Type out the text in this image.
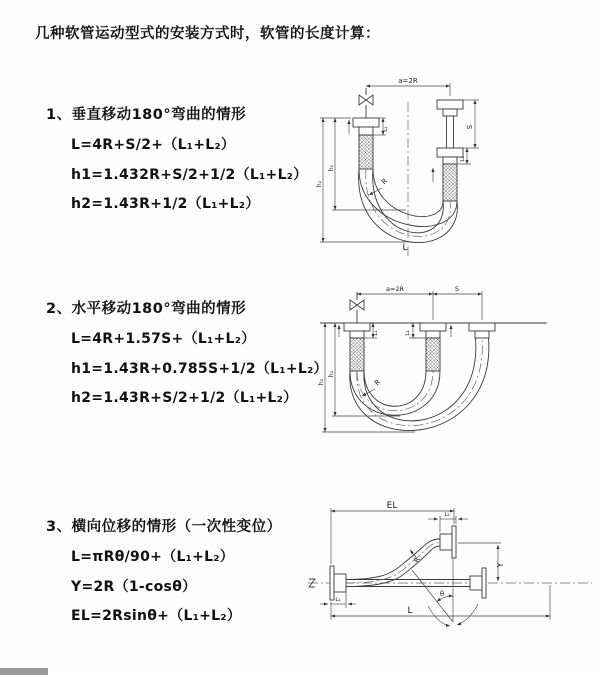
几种软管运动型式的安装方式时，软管的长度计算：
1、垂直移动180°弯曲的情形
L=4R+S/2+（L₁+L₂）
h1=1.432R+S/2+1/2（L₁+L₂）
h2=1.43R+1/2（L₁+L₂）
2、水平移动180°弯曲的情形
L=4R+1.57S+（L₁+L₂）
h1=1.43R+0.785S+1/2（L₁+L₂）
h2=1.43R+S/2+1/2（L₁+L₂）
3、横向位移的情形（一次性变位）
L=πRθ/90+（L₁+L₂）
Y=2R（1-cosθ）
EL=2Rsinθ+（L₁+L₂）
a=2R
h₂
h₁
L₁	S
L₂
R
L
a=2R	S
h₂
h₁
L₁	L₂
R
EL
L₂
Y
R
θ
L
L₁
